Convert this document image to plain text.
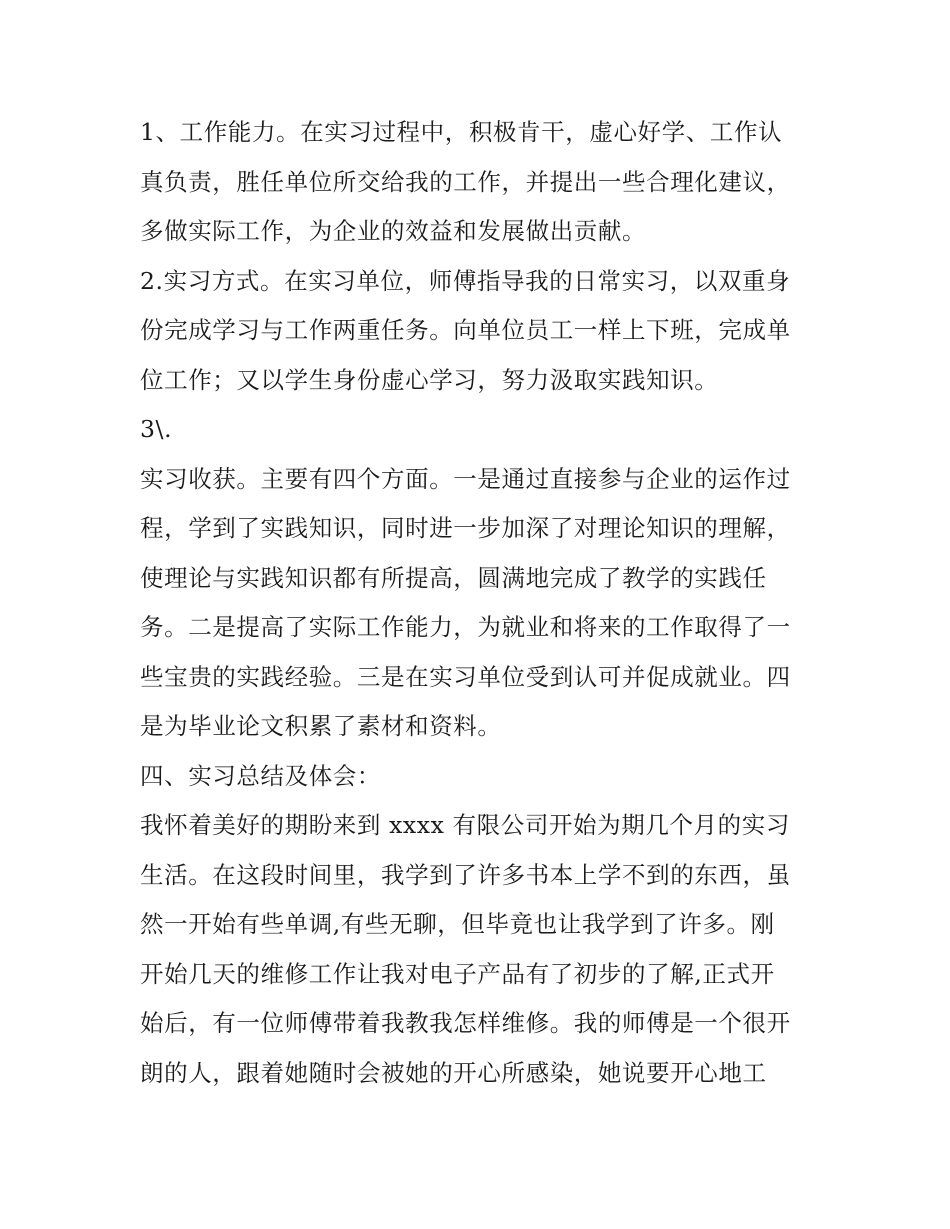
1、工作能力。在实习过程中，积极肯干，虚心好学、工作认
真负责，胜任单位所交给我的工作，并提出一些合理化建议，
多做实际工作，为企业的效益和发展做出贡献。
2.实习方式。在实习单位，师傅指导我的日常实习，以双重身
份完成学习与工作两重任务。向单位员工一样上下班，完成单
位工作；又以学生身份虚心学习，努力汲取实践知识。
3\.
实习收获。主要有四个方面。一是通过直接参与企业的运作过
程，学到了实践知识，同时进一步加深了对理论知识的理解，
使理论与实践知识都有所提高，圆满地完成了教学的实践任
务。二是提高了实际工作能力，为就业和将来的工作取得了一
些宝贵的实践经验。三是在实习单位受到认可并促成就业。四
是为毕业论文积累了素材和资料。
四、实习总结及体会：
我怀着美好的期盼来到 xxxx 有限公司开始为期几个月的实习
生活。在这段时间里，我学到了许多书本上学不到的东西，虽
然一开始有些单调,有些无聊，但毕竟也让我学到了许多。刚
开始几天的维修工作让我对电子产品有了初步的了解,正式开
始后，有一位师傅带着我教我怎样维修。我的师傅是一个很开
朗的人，跟着她随时会被她的开心所感染，她说要开心地工
